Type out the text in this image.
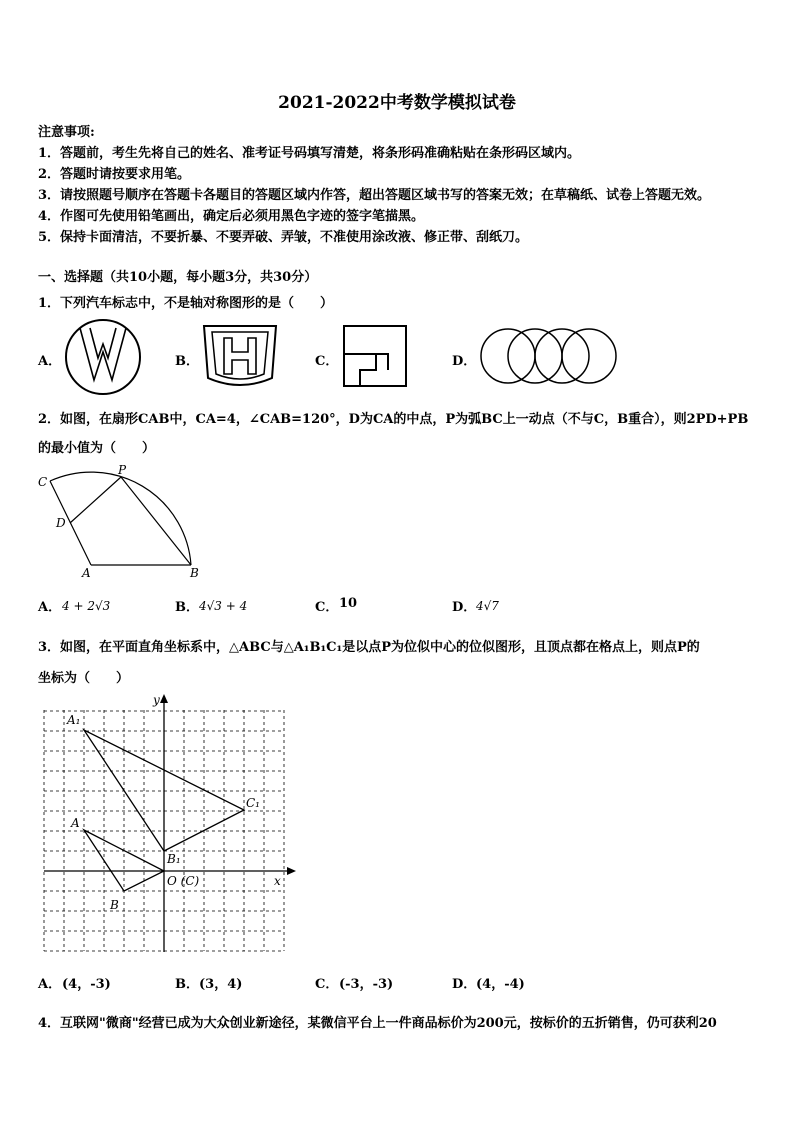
2021-2022中考数学模拟试卷
注意事项:
1．答题前，考生先将自己的姓名、准考证号码填写清楚，将条形码准确粘贴在条形码区域内。
2．答题时请按要求用笔。
3．请按照题号顺序在答题卡各题目的答题区域内作答，超出答题区域书写的答案无效；在草稿纸、试卷上答题无效。
4．作图可先使用铅笔画出，确定后必须用黑色字迹的签字笔描黑。
5．保持卡面清洁，不要折暴、不要弄破、弄皱，不准使用涂改液、修正带、刮纸刀。
一、选择题（共10小题，每小题3分，共30分）
1．下列汽车标志中，不是轴对称图形的是（　　）
A．	B．	C．	D．
2．如图，在扇形CAB中，CA=4，∠CAB=120°，D为CA的中点，P为弧BC上一动点（不与C，B重合），则2PD+PB
的最小值为（　　）
C
P
D
A	B
A． 4 + 2√3	B． 4√3 + 4	C． 10	D． 4√7
3．如图，在平面直角坐标系中，△ABC与△A₁B₁C₁是以点P为位似中心的位似图形，且顶点都在格点上，则点P的
坐标为（　　）
y
x
A₁
C₁
A
B₁
B
O (C)
A． (4，-3)	B． (3，4)	C． (-3，-3)	D． (4，-4)
4．互联网"微商"经营已成为大众创业新途径，某微信平台上一件商品标价为200元，按标价的五折销售，仍可获利20
